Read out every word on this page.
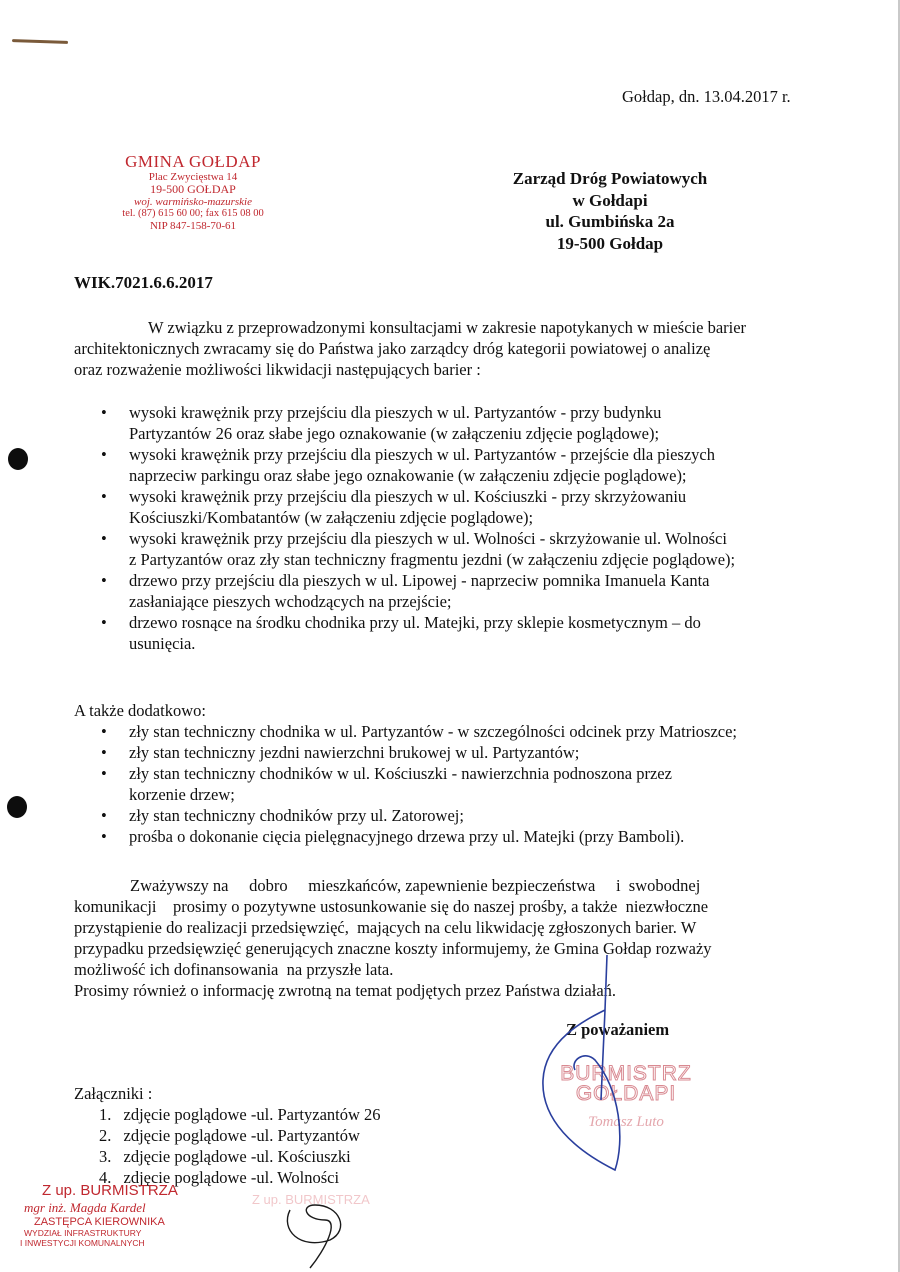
Gołdap, dn. 13.04.2017 r.
GMINA GOŁDAP
Plac Zwycięstwa 14
19-500 GOŁDAP
woj. warmińsko-mazurskie
tel. (87) 615 60 00; fax 615 08 00
NIP 847-158-70-61
Zarząd Dróg Powiatowych
w Gołdapi
ul. Gumbińska 2a
19-500 Gołdap
WIK.7021.6.6.2017
W związku z przeprowadzonymi konsultacjami w zakresie napotykanych w mieście barier
architektonicznych zwracamy się do Państwa jako zarządcy dróg kategorii powiatowej o analizę
oraz rozważenie możliwości likwidacji następujących barier :
• wysoki krawężnik przy przejściu dla pieszych w ul. Partyzantów - przy budynku
Partyzantów 26 oraz słabe jego oznakowanie (w załączeniu zdjęcie poglądowe);
• wysoki krawężnik przy przejściu dla pieszych w ul. Partyzantów - przejście dla pieszych
naprzeciw parkingu oraz słabe jego oznakowanie (w załączeniu zdjęcie poglądowe);
• wysoki krawężnik przy przejściu dla pieszych w ul. Kościuszki - przy skrzyżowaniu
Kościuszki/Kombatantów (w załączeniu zdjęcie poglądowe);
• wysoki krawężnik przy przejściu dla pieszych w ul. Wolności - skrzyżowanie ul. Wolności
z Partyzantów oraz zły stan techniczny fragmentu jezdni (w załączeniu zdjęcie poglądowe);
• drzewo przy przejściu dla pieszych w ul. Lipowej - naprzeciw pomnika Imanuela Kanta
zasłaniające pieszych wchodzących na przejście;
• drzewo rosnące na środku chodnika przy ul. Matejki, przy sklepie kosmetycznym – do
usunięcia.
A także dodatkowo:
• zły stan techniczny chodnika w ul. Partyzantów - w szczególności odcinek przy Matrioszce;
• zły stan techniczny jezdni nawierzchni brukowej w ul. Partyzantów;
• zły stan techniczny chodników w ul. Kościuszki - nawierzchnia podnoszona przez
korzenie drzew;
• zły stan techniczny chodników przy ul. Zatorowej;
• prośba o dokonanie cięcia pielęgnacyjnego drzewa przy ul. Matejki (przy Bamboli).
Zważywszy na     dobro     mieszkańców, zapewnienie bezpieczeństwa     i  swobodnej
komunikacji    prosimy o pozytywne ustosunkowanie się do naszej prośby, a także  niezwłoczne
przystąpienie do realizacji przedsięwzięć,  mających na celu likwidację zgłoszonych barier. W
przypadku przedsięwzięć generujących znaczne koszty informujemy, że Gmina Gołdap rozważy
możliwość ich dofinansowania  na przyszłe lata.
Prosimy również o informację zwrotną na temat podjętych przez Państwa działań.
Z poważaniem
BURMISTRZ
GOŁDAPI
Tomasz Luto
Załączniki :
1. zdjęcie poglądowe -ul. Partyzantów 26
2. zdjęcie poglądowe -ul. Partyzantów
3. zdjęcie poglądowe -ul. Kościuszki
4. zdjęcie poglądowe -ul. Wolności
Z up. BURMISTRZA
mgr inż. Magda Kardel
ZASTĘPCA KIEROWNIKA
WYDZIAŁ INFRASTRUKTURY
I INWESTYCJI KOMUNALNYCH
Z up. BURMISTRZA
